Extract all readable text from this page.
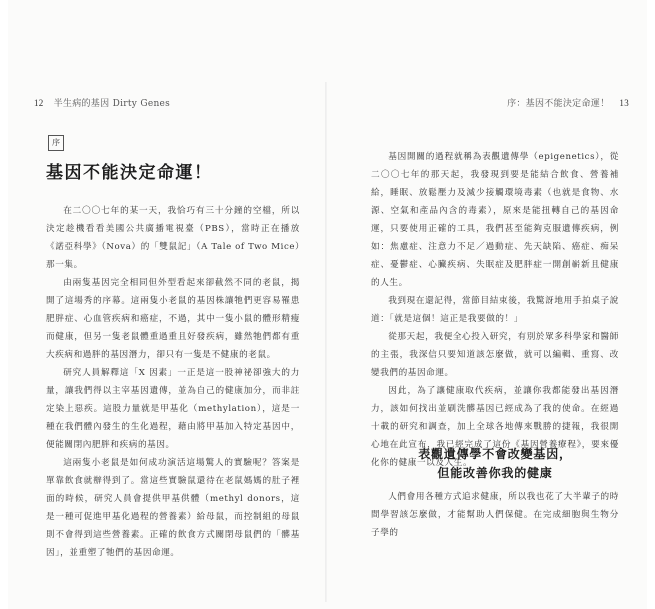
12 半生病的基因 Dirty Genes
序
基因不能決定命運！

在二〇〇七年的某一天，我恰巧有三十分鐘的空檔，所以決定趁機看看美國公共廣播電視臺（PBS），當時正在播放《諾亞科學》（Nova）的「雙鼠記」（A Tale of Two Mice）那一集。

由兩隻基因完全相同但外型看起來卻截然不同的老鼠，揭開了這場秀的序幕。這兩隻小老鼠的基因株讓牠們更容易罹患肥胖症、心血管疾病和癌症，不過，其中一隻小鼠的體形精瘦而健康，但另一隻老鼠體重過重且好發疾病，雖然牠們都有重大疾病和過胖的基因潛力，卻只有一隻是不健康的老鼠。

研究人員解釋這「X 因素」一正是這一股神祕卻強大的力量，讓我們得以主宰基因遺傳，並為自己的健康加分，而非註定染上惡疾。這股力量就是甲基化（methylation），這是一種在我們體內發生的生化過程，藉由將甲基加入特定基因中，便能關閉內肥胖和疾病的基因。

這兩隻小老鼠是如何成功演活這場驚人的實驗呢？答案是單靠飲食就辦得到了。當這些實驗鼠還待在老鼠媽媽的肚子裡面的時候，研究人員會提供甲基供體（methyl donors，這是一種可促進甲基化過程的營養素）給母鼠，而控制組的母鼠則不會得到這些營養素。正確的飲食方式關閉母鼠們的「髒基因」，並重塑了牠們的基因命運。

序：基因不能決定命運！ 13

基因開關的過程就稱為表觀遺傳學（epigenetics），從二〇〇七年的那天起，我發現到要是能結合飲食、營養補給，睡眠、放鬆壓力及減少接觸環境毒素（也就是食物、水源、空氣和產品內含的毒素），原來是能扭轉自己的基因命運，只要使用正確的工具，我們甚至能夠克服遺傳疾病，例如：焦慮症、注意力不足／過動症、先天缺陷、癌症、痴呆症、憂鬱症、心臟疾病、失眠症及肥胖症一開創嶄新且健康的人生。

我到現在還記得，當節目結束後，我驚訝地用手拍桌子說道：「就是這個！這正是我要做的！」

從那天起，我便全心投入研究，有別於眾多科學家和醫師的主張，我深信只要知道該怎麼做，就可以編輯、重寫、改變我們的基因命運。

因此，為了讓健康取代疾病，並讓你我都能發出基因潛力，該如何找出並刷洗髒基因已經成為了我的使命。在經過十載的研究和調查，加上全球各地傳來戰勝的捷報，我很開心地在此宣布，我已經完成了這份《基因營養療程》，要來優化你的健康一以及人生。

表觀遺傳學不會改變基因，
但能改善你我的健康

人們會用各種方式追求健康，所以我也花了大半輩子的時間學習該怎麼做，才能幫助人們保健。在完成細胞與生物分子學的
